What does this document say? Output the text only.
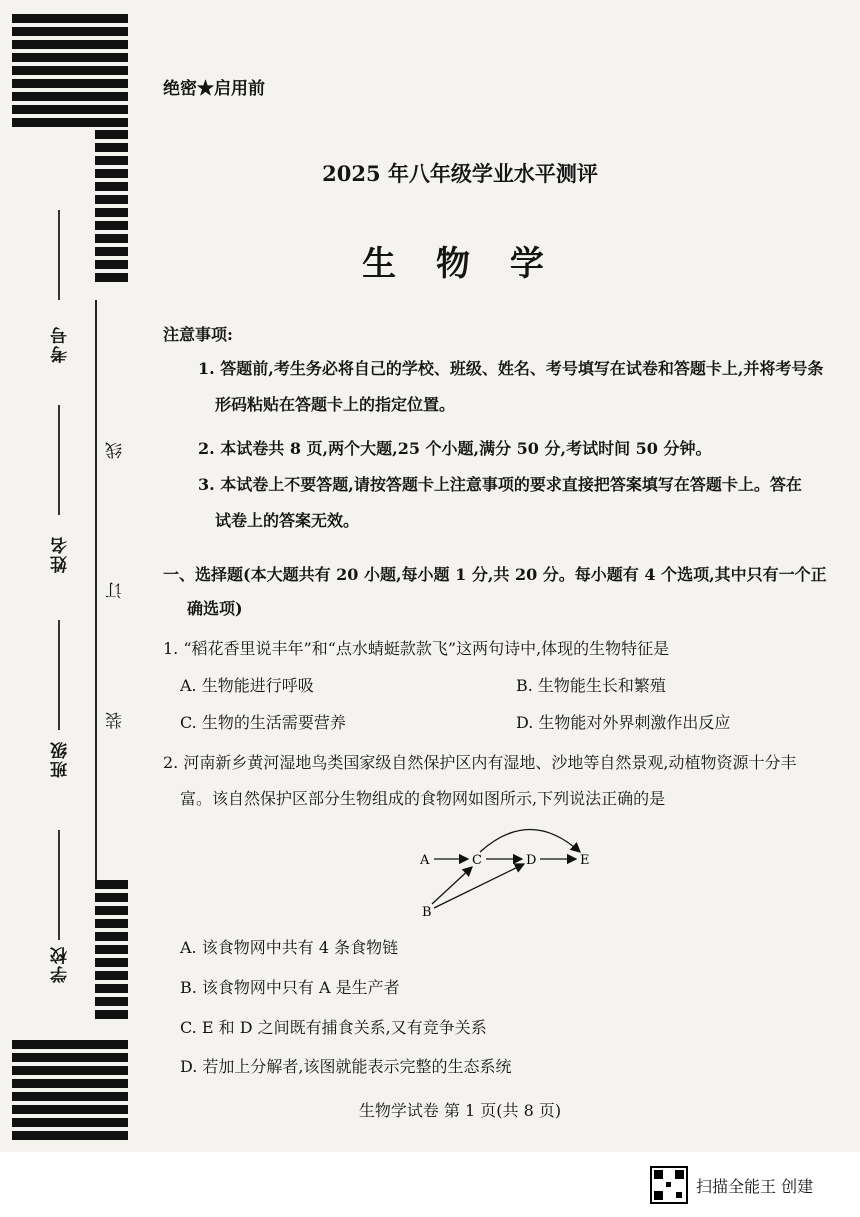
考号
姓名
班级
学校
线
订
装
绝密★启用前
2025 年八年级学业水平测评
生 物 学
注意事项:
1. 答题前,考生务必将自己的学校、班级、姓名、考号填写在试卷和答题卡上,并将考号条
形码粘贴在答题卡上的指定位置。
2. 本试卷共 8 页,两个大题,25 个小题,满分 50 分,考试时间 50 分钟。
3. 本试卷上不要答题,请按答题卡上注意事项的要求直接把答案填写在答题卡上。答在
试卷上的答案无效。
一、选择题(本大题共有 20 小题,每小题 1 分,共 20 分。每小题有 4 个选项,其中只有一个正
确选项)
1. “稻花香里说丰年”和“点水蜻蜓款款飞”这两句诗中,体现的生物特征是
A. 生物能进行呼吸	B. 生物能生长和繁殖
C. 生物的生活需要营养	D. 生物能对外界刺激作出反应
2. 河南新乡黄河湿地鸟类国家级自然保护区内有湿地、沙地等自然景观,动植物资源十分丰
富。该自然保护区部分生物组成的食物网如图所示,下列说法正确的是
A
B
C	D	E
A. 该食物网中共有 4 条食物链
B. 该食物网中只有 A 是生产者
C. E 和 D 之间既有捕食关系,又有竞争关系
D. 若加上分解者,该图就能表示完整的生态系统
生物学试卷 第 1 页(共 8 页)
扫描全能王 创建
